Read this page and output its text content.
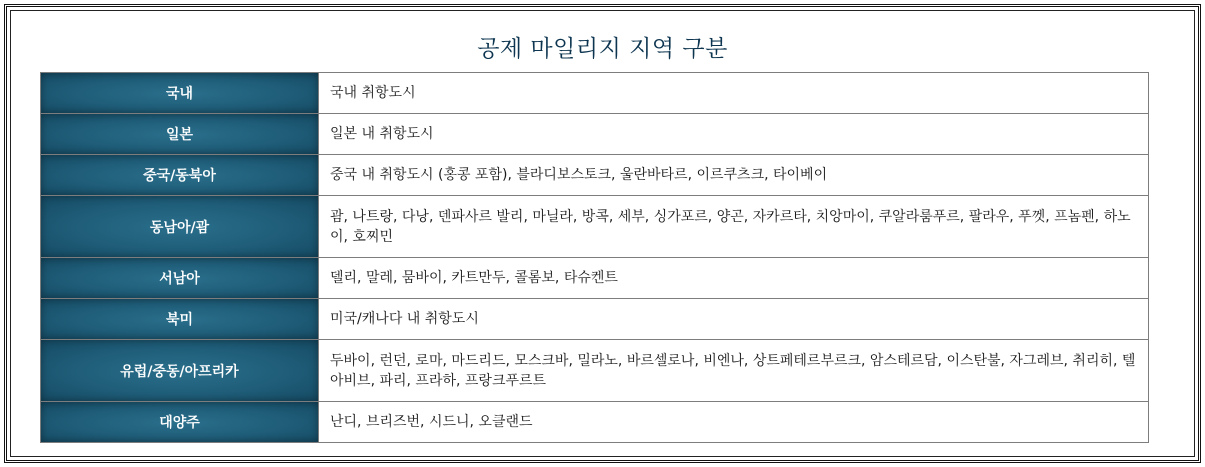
공제 마일리지 지역 구분
국내	국내 취항도시
일본	일본 내 취항도시
중국/동북아	중국 내 취항도시 (홍콩 포함), 블라디보스토크, 울란바타르, 이르쿠츠크, 타이베이
동남아/괌	괌, 나트랑, 다낭, 덴파사르 발리, 마닐라, 방콕, 세부, 싱가포르, 양곤, 자카르타, 치앙마이, 쿠알라룸푸르, 팔라우, 푸껫, 프놈펜, 하노이, 호찌민
서남아	델리, 말레, 뭄바이, 카트만두, 콜롬보, 타슈켄트
북미	미국/캐나다 내 취항도시
유럽/중동/아프리카	두바이, 런던, 로마, 마드리드, 모스크바, 밀라노, 바르셀로나, 비엔나, 상트페테르부르크, 암스테르담, 이스탄불, 자그레브, 취리히, 텔아비브, 파리, 프라하, 프랑크푸르트
대양주	난디, 브리즈번, 시드니, 오클랜드
